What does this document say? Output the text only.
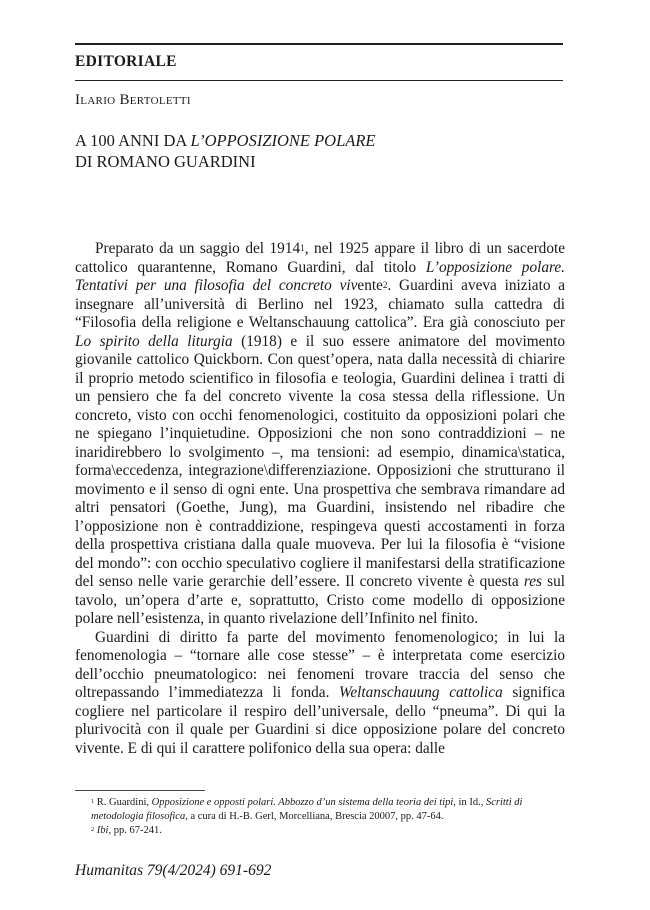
EDITORIALE
Ilario Bertoletti
A 100 ANNI DA L’OPPOSIZIONE POLARE
DI ROMANO GUARDINI

Preparato da un saggio del 1914$^1$, nel 1925 appare il libro di un sacerdote cattolico quarantenne, Romano Guardini, dal titolo L’opposizione polare. Tentativi per una filosofia del concreto vivente$^2$. Guardini aveva iniziato a insegnare all’università di Berlino nel 1923, chiamato sulla cattedra di “Filosofia della religione e Weltanschauung cattolica”. Era già conosciuto per Lo spirito della liturgia (1918) e il suo essere animatore del movimento giovanile cattolico Quickborn. Con quest’opera, nata dalla necessità di chiarire il proprio metodo scientifico in filosofia e teologia, Guardini delinea i tratti di un pensiero che fa del concreto vivente la cosa stessa della riflessione. Un concreto, visto con occhi fenomenologici, costituito da opposizioni polari che ne spiegano l’inquietudine. Opposizioni che non sono contraddizioni – ne inaridirebbero lo svolgimento –, ma tensioni: ad esempio, dinamica\statica, forma\eccedenza, integrazione\differenziazione. Opposizioni che strutturano il movimento e il senso di ogni ente. Una prospettiva che sembrava rimandare ad altri pensatori (Goethe, Jung), ma Guardini, insistendo nel ribadire che l’opposizione non è contraddizione, respingeva questi accostamenti in forza della prospettiva cristiana dalla quale muoveva. Per lui la filosofia è “visione del mondo”: con occhio speculativo cogliere il manifestarsi della stratificazione del senso nelle varie gerarchie dell’essere. Il concreto vivente è questa res sul tavolo, un’opera d’arte e, soprattutto, Cristo come modello di opposizione polare nell’esistenza, in quanto rivelazione dell’Infinito nel finito.

Guardini di diritto fa parte del movimento fenomenologico; in lui la fenomenologia – “tornare alle cose stesse” – è interpretata come esercizio dell’occhio pneumatologico: nei fenomeni trovare traccia del senso che oltrepassando l’immediatezza li fonda. Weltanschauung cattolica significa cogliere nel particolare il respiro dell’universale, dello “pneuma”. Di qui la plurivocità con il quale per Guardini si dice opposizione polare del concreto vivente. E di qui il carattere polifonico della sua opera: dalle

$^1$ R. Guardini, Opposizione e opposti polari. Abbozzo d’un sistema della teoria dei tipi, in Id., Scritti di metodologia filosofica, a cura di H.-B. Gerl, Morcelliana, Brescia 20007, pp. 47-64.

$^2$ Ibi, pp. 67-241.

Humanitas 79(4/2024) 691-692
